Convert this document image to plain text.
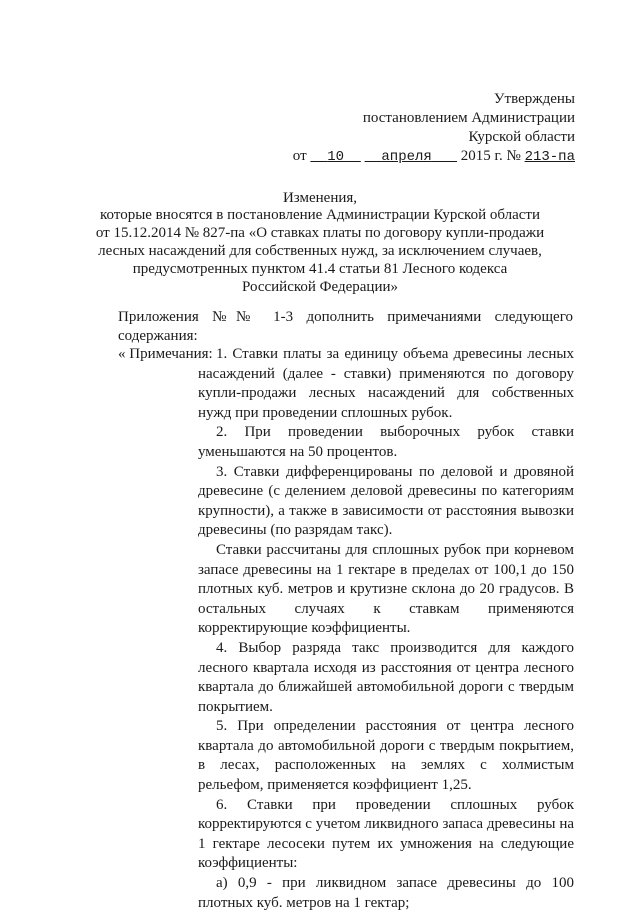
Утверждены
постановлением Администрации
Курской области
от 10	апреля 2015 г. № 213-па
Изменения,
которые вносятся в постановление Администрации Курской области
от 15.12.2014 № 827-па «О ставках платы по договору купли-продажи
лесных насаждений для собственных нужд, за исключением случаев,
предусмотренных пунктом 41.4 статьи 81 Лесного кодекса
Российской Федерации»
Приложения №№ 1-3 дополнить примечаниями следующего содержания:
« Примечания: 1. Ставки платы за единицу объема древесины лесных насаждений (далее - ставки) применяются по договору купли-продажи лесных насаждений для собственных нужд при проведении сплошных рубок.

2. При проведении выборочных рубок ставки уменьшаются на 50 процентов.

3. Ставки дифференцированы по деловой и дровяной древесине (с делением деловой древесины по категориям крупности), а также в зависимости от расстояния вывозки древесины (по разрядам такс).

Ставки рассчитаны для сплошных рубок при корневом запасе древесины на 1 гектаре в пределах от 100,1 до 150 плотных куб. метров и крутизне склона до 20 градусов. В остальных случаях к ставкам применяются корректирующие коэффициенты.

4. Выбор разряда такс производится для каждого лесного квартала исходя из расстояния от центра лесного квартала до ближайшей автомобильной дороги с твердым покрытием.

5. При определении расстояния от центра лесного квартала до автомобильной дороги с твердым покрытием, в лесах, расположенных на землях с холмистым рельефом, применяется коэффициент 1,25.

6. Ставки при проведении сплошных рубок корректируются с учетом ликвидного запаса древесины на 1 гектаре лесосеки путем их умножения на следующие коэффициенты:

а) 0,9 - при ликвидном запасе древесины до 100 плотных куб. метров на 1 гектар;
